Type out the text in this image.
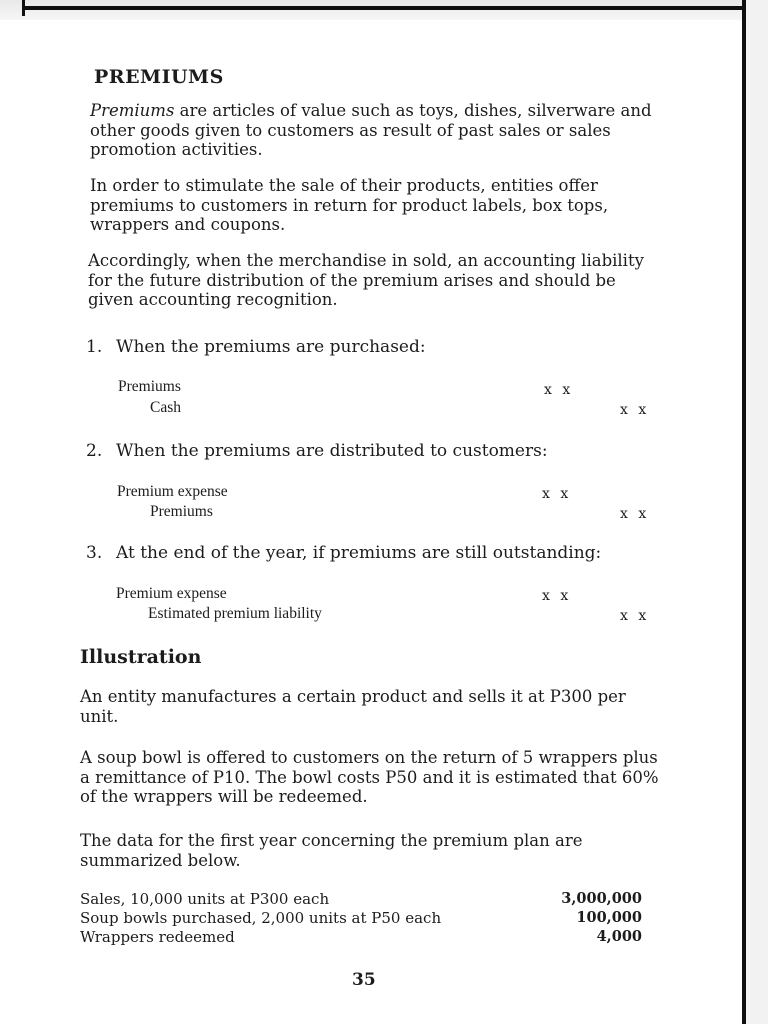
PREMIUMS

Premiums are articles of value such as toys, dishes, silverware and other goods given to customers as result of past sales or sales promotion activities.

In order to stimulate the sale of their products, entities offer premiums to customers in return for product labels, box tops, wrappers and coupons.

Accordingly, when the merchandise in sold, an accounting liability for the future distribution of the premium arises and should be given accounting recognition.

1. When the premiums are purchased:

Premiums	x x
Cash	x x

2. When the premiums are distributed to customers:

Premium expense	x x
Premiums	x x

3. At the end of the year, if premiums are still outstanding:

Premium expense	x x
Estimated premium liability	x x
Illustration

An entity manufactures a certain product and sells it at P300 per unit.

A soup bowl is offered to customers on the return of 5 wrappers plus a remittance of P10. The bowl costs P50 and it is estimated that 60% of the wrappers will be redeemed.

The data for the first year concerning the premium plan are summarized below.

Sales, 10,000 units at P300 each	3,000,000
Soup bowls purchased, 2,000 units at P50 each	100,000
Wrappers redeemed	4,000
35
